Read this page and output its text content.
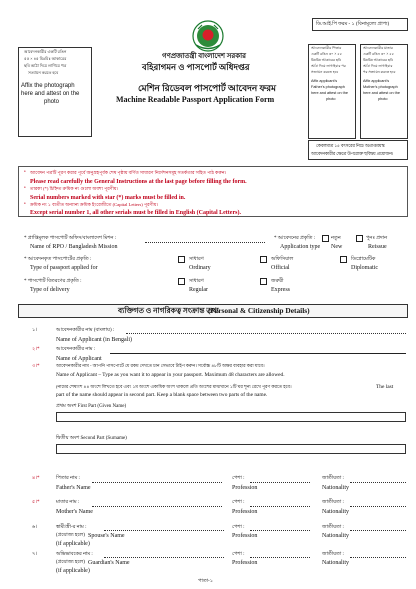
ডি.আই.পি ফরম - ১ (বিনামূল্যে প্রাপ্য)
আবেদনকারীর একটি রঙিন
৫৫ × ৪৫ মিঃমিঃ আকারের
ছবি আঠা দিয়ে লাগিয়ে পত্র
সত্যায়ন করতে হবে
Affix the photograph
here and attest on the
photo
গণপ্রজাতন্ত্রী বাংলাদেশ সরকার
বহিরাগমন ও পাসপোর্ট অধিদপ্তর
মেশিন রিডেবল পাসপোর্ট আবেদন ফরম
Machine Readable Passport Application Form
আবেদনকারীর পিতার
একটি রঙিন ৩০ × ৫৫
মিঃমিঃ আকারের ছবি
আঠা দিয়ে লাগাইবার পর
সত্যায়ন করতে হবে
Affix applicant's
Father's photograph
here and attest on the
photo
আবেদনকারীর মাতার
একটি রঙিন ৩০ × ৫৫
মিঃমিঃ আকারের ছবি
আঠা দিয়ে লাগাইবার
পর সত্যায়ন করতে হবে
Affix applicant's
Mother's photograph
here and attest on the
photo
কেবলমাত্র ১৫ বৎসরের নিচে অপ্রাপ্তবয়স্ক
আবেদনকারীর ক্ষেত্রে উপরোক্ত ছবিদ্বয় প্রয়োজন।
• আবেদন পত্রটি পূরণ করার পূর্বে অনুগ্রহপূর্বক শেষ পৃষ্ঠায় বর্ণিত সাধারণ নির্দেশনসমূহ সতর্কতার সহিত পাঠ করুন।
Please read carefully the General Instructions at the last page before filling the form.
• তারকা (*) চিহ্নিত ক্রমিক নং গুলো অবশ্য পূরণীয়।
Serial numbers marked with star (*) marks must be filled in.
• ক্রমিক নং ১ ব্যতীত অন্যান্য ক্রমিক ইংরেজীতে (Capital Letters) পূরণীয়।
Except serial number 1, all other serials must be filled in English (Capital Letters).
* প্রাপ্তিমূলক পাসপোর্ট অফিস/বাংলাদেশ মিশন :
Name of RPO / Bangladesh Mission
* আবেদনের প্রকৃতি :
Application type
নতুন
New
পুনঃ প্রদান
Reissue
* আবেদনকৃত পাসপোর্টের প্রকৃতি :
Type of passport applied for
সাধারণ
Ordinary
অফিসিয়াল
Official
ডিপ্লোমেটিক
Diplomatic
* পাসপোর্ট বিতরণের প্রকৃতি :
Type of delivery
সাধারণ
Regular
জরুরী
Express
ব্যক্তিগত ও নাগরিকত্ব সংক্রান্ত তথ্য
(Personal & Citizenship Details)
১।	আবেদনকারীর নাম (বাংলায়) :
Name of Applicant (in Bengali)
২।*	আবেদনকারীর নাম :
Name of Applicant
৩।*	আবেদনকারীর নাম - আপনি পাসপোর্টে যে রকম দেখতে চান সেভাবে টাইপ করুন। সর্বোচ্চ ৪৮টি অক্ষর ব্যবহার করা যাবে।
Name of Applicant – Type as you want it to appear in your passport. Maximum 48 characters are allowed.
(নামের শেষাংশ ৪৪ অংশে লিখতে হবে এবং ১ম অংশে একাধিক অংশ থাকলে প্রতি অংশের মাঝখানে ১টি ঘর শূন্য রেখে পূরণ করতে হবে।	The last
part of the name should appear in second part. Keep a blank space between two parts of the name.
প্রথম অংশ First Part (Given Name)
দ্বিতীয় অংশ Second Part (Surname)
৪।*	পিতার নাম :
Father's Name
পেশা :
Profession
জাতীয়তা :
Nationality
৫।*	মাতার নাম :
Mother's Name
পেশা :
Profession
জাতীয়তা :
Nationality
৬।	স্বামী/স্ত্রী-র নাম :
(প্রযোজ্য হলে) Spouse's Name
(if applicable)
পেশা :
Profession
জাতীয়তা :
Nationality
৭।	অভিভাবকের নাম :
(প্রযোজ্য হলে) Guardian's Name
(if applicable)
পেশা :
Profession
জাতীয়তা :
Nationality
পাতা-১
